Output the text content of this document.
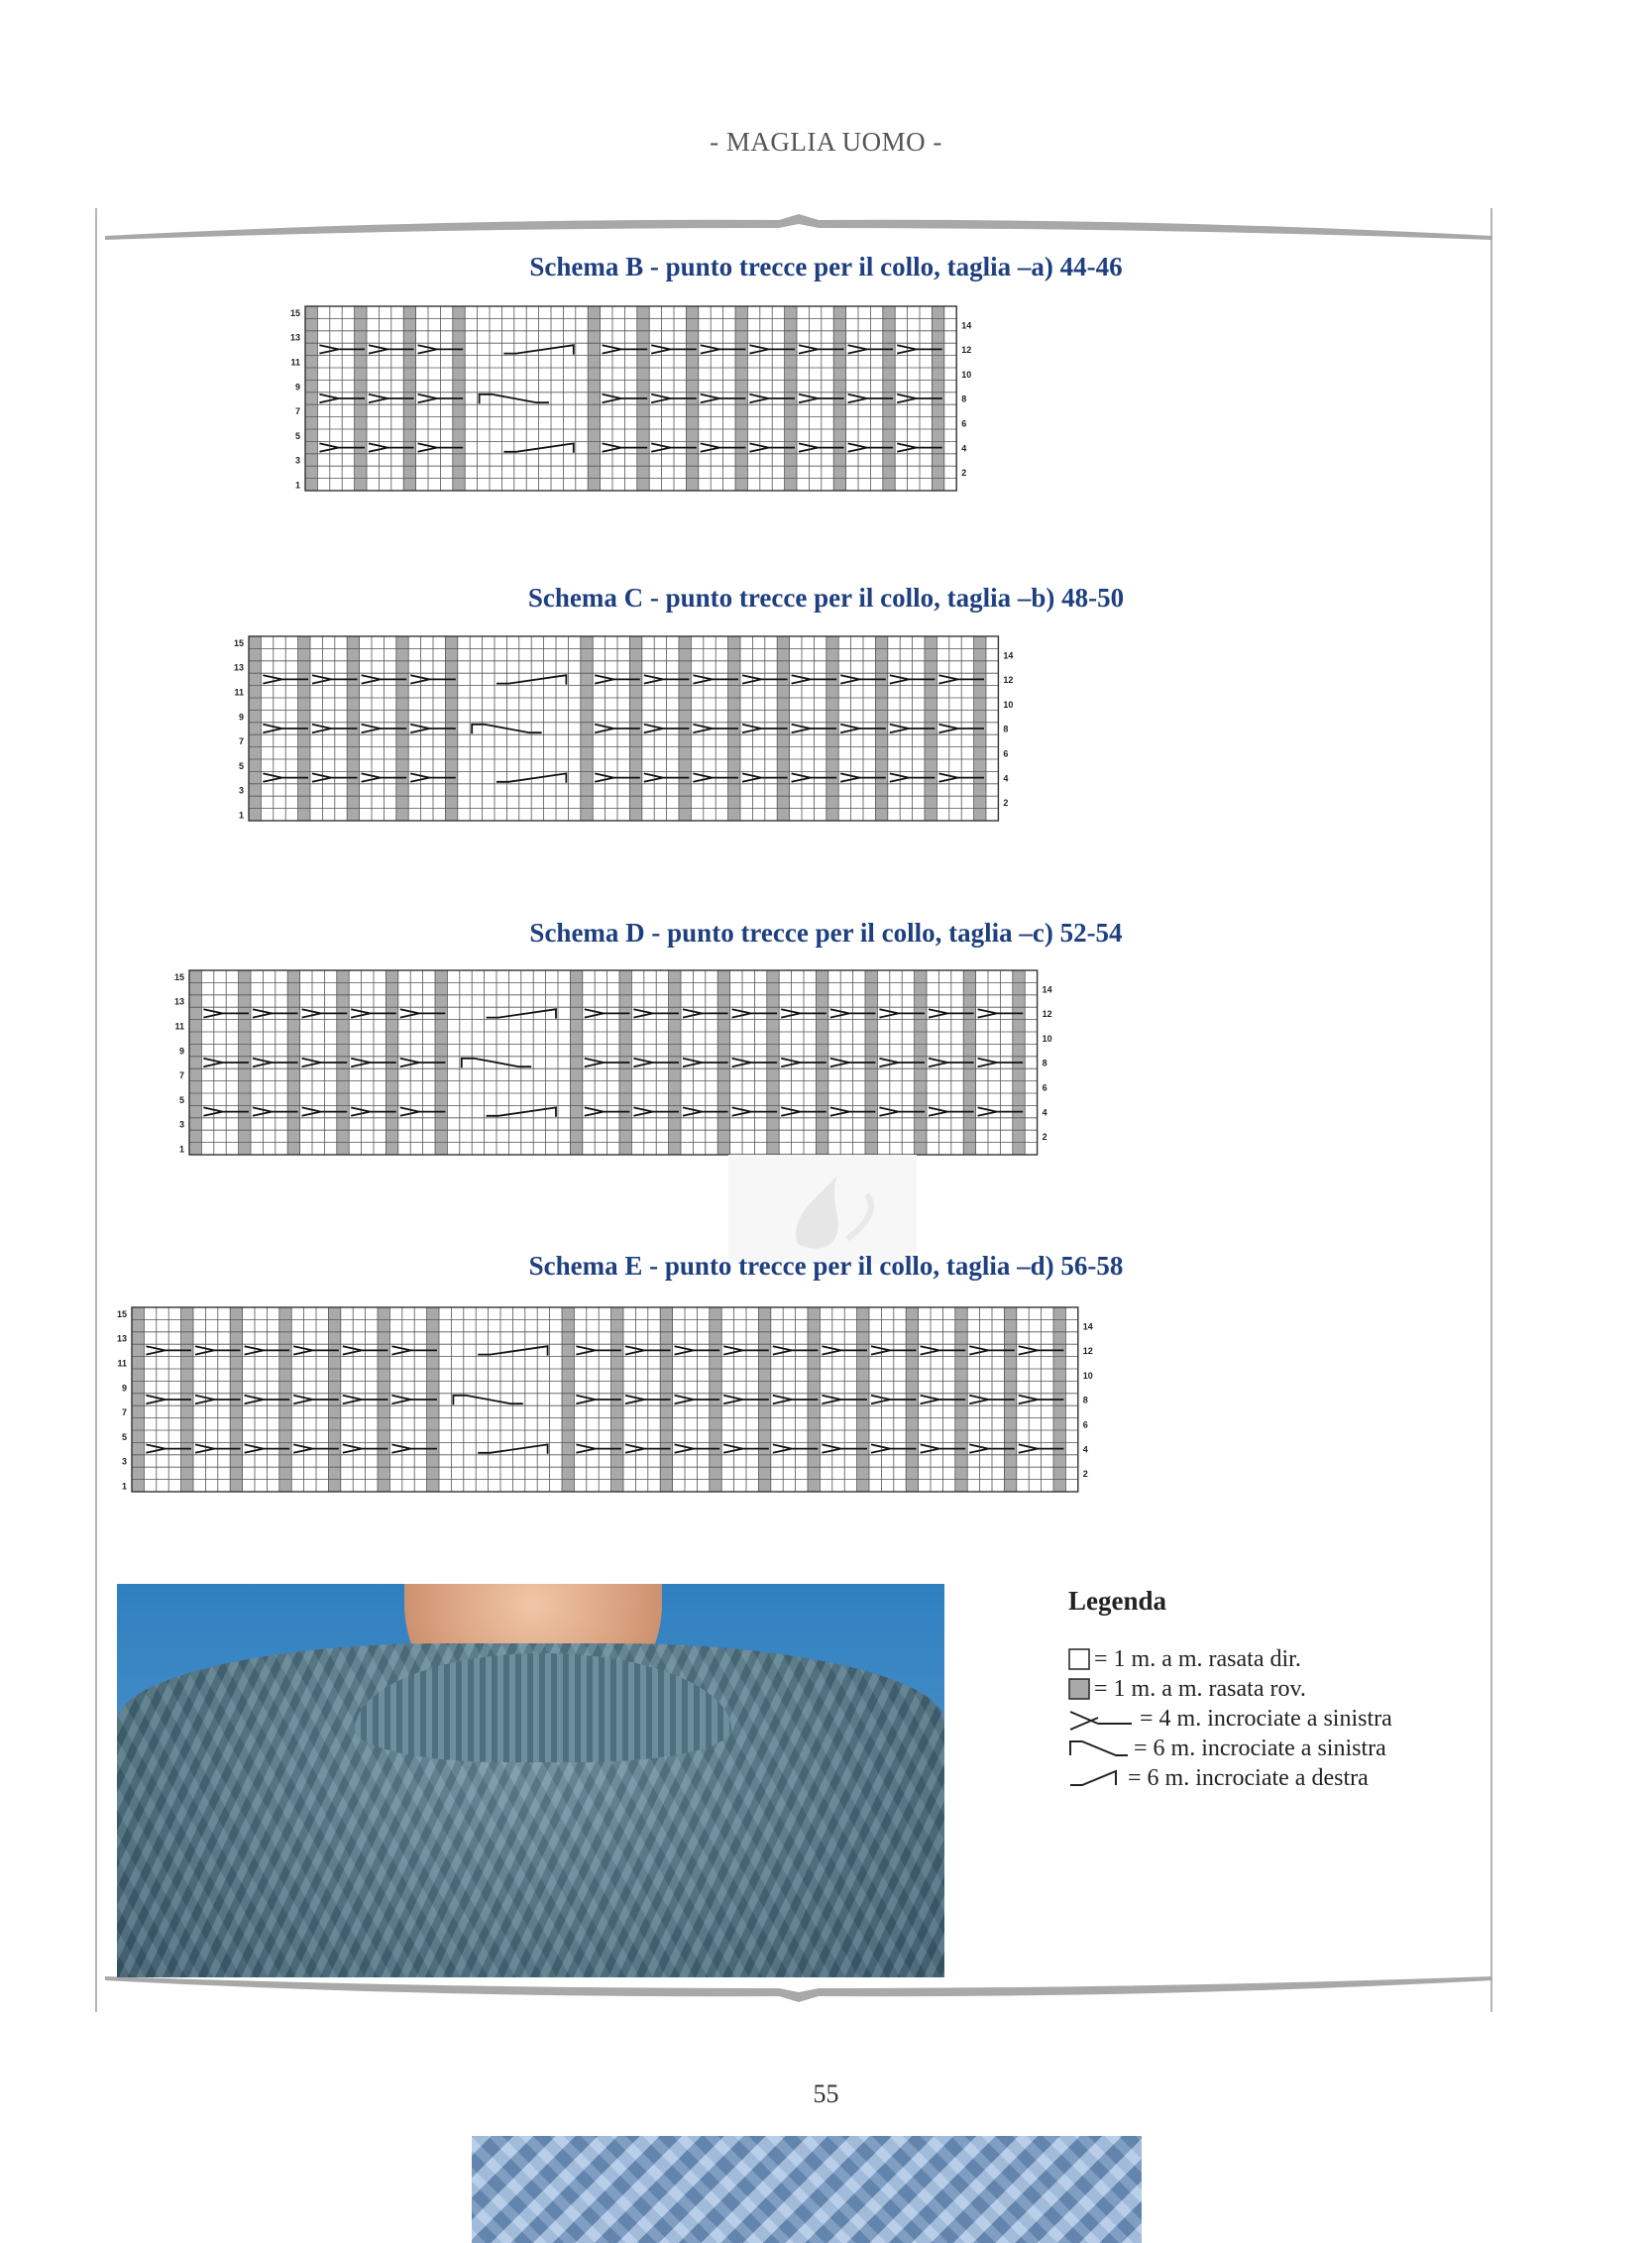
- MAGLIA UOMO -
Schema B - punto trecce per il collo, taglia –a) 44-46
15
13
11
9
7
5
3
1
14
12
10
8
6
4
2
Schema C - punto trecce per il collo, taglia –b) 48-50
15
13
11
9
7
5
3
1
14
12
10
8
6
4
2
Schema D - punto trecce per il collo, taglia –c) 52-54
15
13
11
9
7
5
3
1
14
12
10
8
6
4
2
Schema E - punto trecce per il collo, taglia –d) 56-58
15
13
11
9
7
5
3
1
14
12
10
8
6
4
2
Legenda
= 1 m. a m. rasata dir.
= 1 m. a m. rasata rov.
= 4 m. incrociate a sinistra
= 6 m. incrociate a sinistra
= 6 m. incrociate a destra
55
